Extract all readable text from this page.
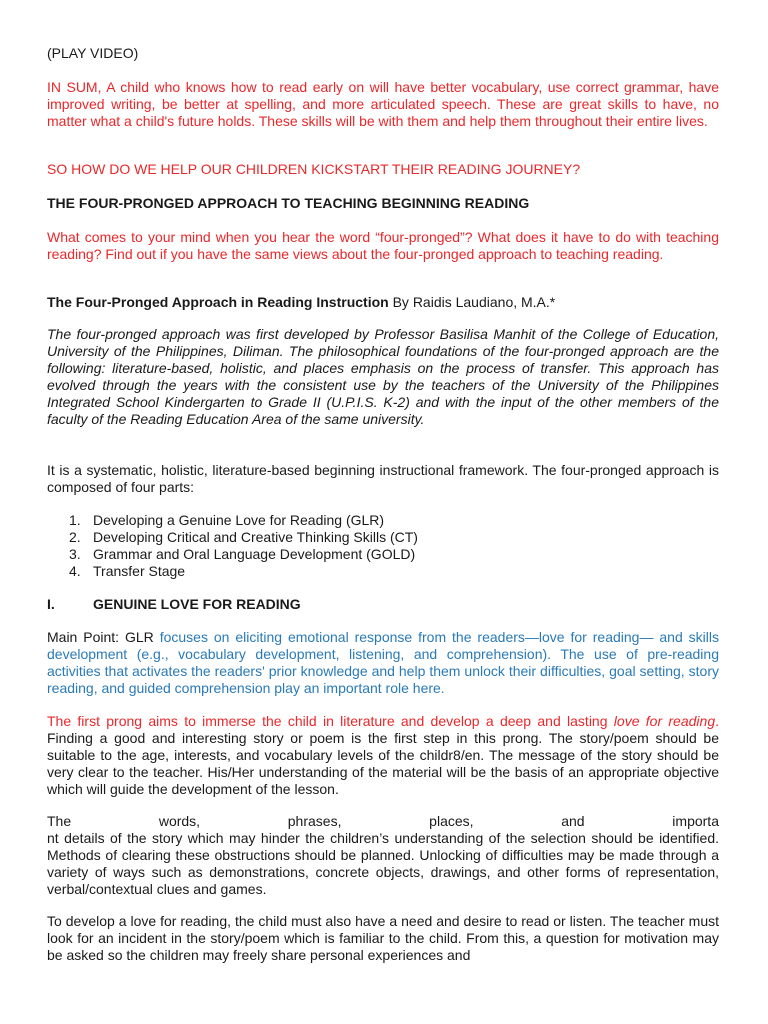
(PLAY VIDEO)

IN SUM, A child who knows how to read early on will have better vocabulary, use correct grammar, have improved writing, be better at spelling, and more articulated speech. These are great skills to have, no matter what a child's future holds. These skills will be with them and help them throughout their entire lives.

SO HOW DO WE HELP OUR CHILDREN KICKSTART THEIR READING JOURNEY?

THE FOUR-PRONGED APPROACH TO TEACHING BEGINNING READING

What comes to your mind when you hear the word “four-pronged”? What does it have to do with teaching reading? Find out if you have the same views about the four-pronged approach to teaching reading.

The Four-Pronged Approach in Reading Instruction By Raidis Laudiano, M.A.*

The four-pronged approach was first developed by Professor Basilisa Manhit of the College of Education, University of the Philippines, Diliman. The philosophical foundations of the four-pronged approach are the following: literature-based, holistic, and places emphasis on the process of transfer. This approach has evolved through the years with the consistent use by the teachers of the University of the Philippines Integrated School Kindergarten to Grade II (U.P.I.S. K-2) and with the input of the other members of the faculty of the Reading Education Area of the same university.

It is a systematic, holistic, literature-based beginning instructional framework. The four-pronged approach is composed of four parts:

1. Developing a Genuine Love for Reading (GLR)
2. Developing Critical and Creative Thinking Skills (CT)
3. Grammar and Oral Language Development (GOLD)
4. Transfer Stage
I.	GENUINE LOVE FOR READING

Main Point: GLR focuses on eliciting emotional response from the readers—love for reading— and skills development (e.g., vocabulary development, listening, and comprehension). The use of pre-reading activities that activates the readers' prior knowledge and help them unlock their difficulties, goal setting, story reading, and guided comprehension play an important role here.

The first prong aims to immerse the child in literature and develop a deep and lasting love for reading. Finding a good and interesting story or poem is the first step in this prong. The story/poem should be suitable to the age, interests, and vocabulary levels of the childr8/en. The message of the story should be very clear to the teacher. His/Her understanding of the material will be the basis of an appropriate objective which will guide the development of the lesson.

The	words,	phrases,	places,	and	importa
nt details of the story which may hinder the children’s understanding of the selection should be identified. Methods of clearing these obstructions should be planned. Unlocking of difficulties may be made through a variety of ways such as demonstrations, concrete objects, drawings, and other forms of representation, verbal/contextual clues and games.

To develop a love for reading, the child must also have a need and desire to read or listen. The teacher must look for an incident in the story/poem which is familiar to the child. From this, a question for motivation may be asked so the children may freely share personal experiences and
